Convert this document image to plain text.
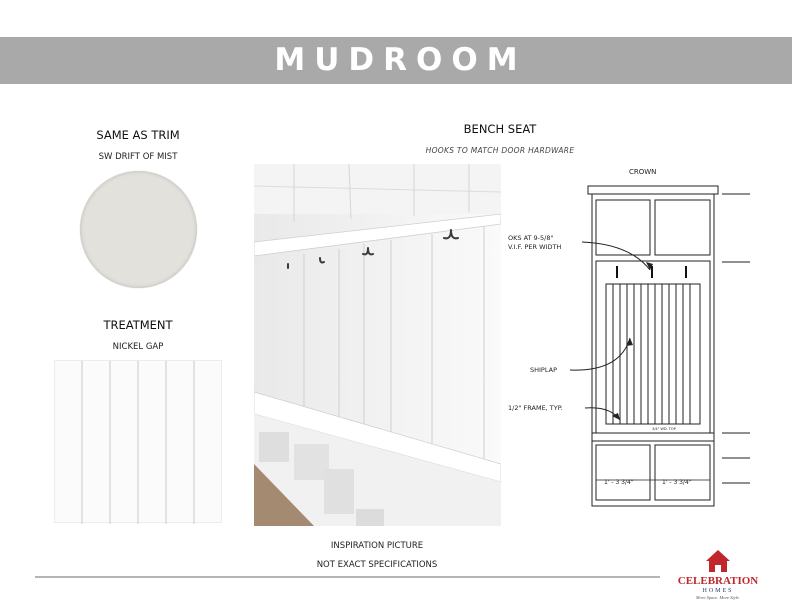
MUDROOM
SAME AS TRIM
SW DRIFT OF MIST
TREATMENT
NICKEL GAP
BENCH SEAT
HOOKS TO MATCH DOOR HARDWARE
INSPIRATION PICTURE
NOT EXACT SPECIFICATIONS
CROWN
OKS AT 9-5/8"
V.I.F. PER WIDTH
SHIPLAP
1/2" FRAME, TYP.
3/4" WD. TOP
1' - 3 3/4"	1' - 3 3/4"
CELEBRATION
HOMES
More Space. More Style.
